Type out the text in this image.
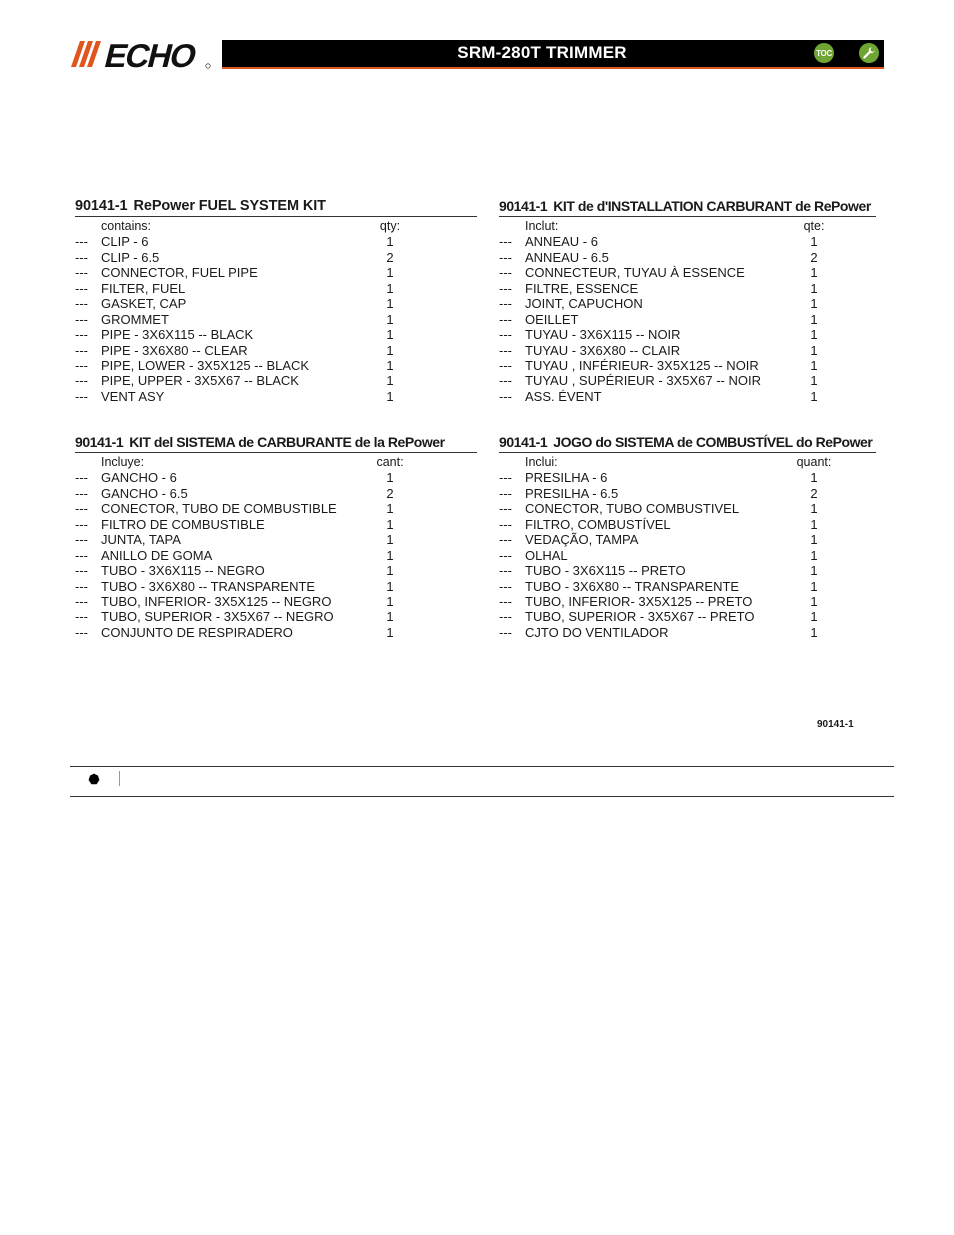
ECHO	SRM-280T TRIMMER	TOC
90141-1 RePower FUEL SYSTEM KIT
contains:	qty:
--- CLIP - 6	1
--- CLIP - 6.5	2
--- CONNECTOR, FUEL PIPE	1
--- FILTER, FUEL	1
--- GASKET, CAP	1
--- GROMMET	1
--- PIPE - 3X6X115 -- BLACK	1
--- PIPE - 3X6X80 -- CLEAR	1
--- PIPE, LOWER - 3X5X125 -- BLACK	1
--- PIPE, UPPER - 3X5X67 -- BLACK	1
--- VENT ASY	1
90141-1 KIT de d'INSTALLATION CARBURANT de RePower
Inclut:	qte:
--- ANNEAU - 6	1
--- ANNEAU - 6.5	2
--- CONNECTEUR, TUYAU À ESSENCE	1
--- FILTRE, ESSENCE	1
--- JOINT, CAPUCHON	1
--- OEILLET	1
--- TUYAU - 3X6X115 -- NOIR	1
--- TUYAU - 3X6X80 -- CLAIR	1
--- TUYAU , INFÉRIEUR- 3X5X125 -- NOIR	1
--- TUYAU , SUPÉRIEUR - 3X5X67 -- NOIR	1
--- ASS. ÉVENT	1
90141-1 KIT del SISTEMA de CARBURANTE de la RePower
Incluye:	cant:
--- GANCHO - 6	1
--- GANCHO - 6.5	2
--- CONECTOR, TUBO DE COMBUSTIBLE	1
--- FILTRO DE COMBUSTIBLE	1
--- JUNTA, TAPA	1
--- ANILLO DE GOMA	1
--- TUBO - 3X6X115 -- NEGRO	1
--- TUBO - 3X6X80 -- TRANSPARENTE	1
--- TUBO, INFERIOR- 3X5X125 -- NEGRO	1
--- TUBO, SUPERIOR - 3X5X67 -- NEGRO	1
--- CONJUNTO DE RESPIRADERO	1
90141-1 JOGO do SISTEMA de COMBUSTÍVEL do RePower
Inclui:	quant:
--- PRESILHA - 6	1
--- PRESILHA - 6.5	2
--- CONECTOR, TUBO COMBUSTIVEL	1
--- FILTRO, COMBUSTÍVEL	1
--- VEDAÇÃO, TAMPA	1
--- OLHAL	1
--- TUBO - 3X6X115 -- PRETO	1
--- TUBO - 3X6X80 -- TRANSPARENTE	1
--- TUBO, INFERIOR- 3X5X125 -- PRETO	1
--- TUBO, SUPERIOR - 3X5X67 -- PRETO	1
--- CJTO DO VENTILADOR	1
90141-1
